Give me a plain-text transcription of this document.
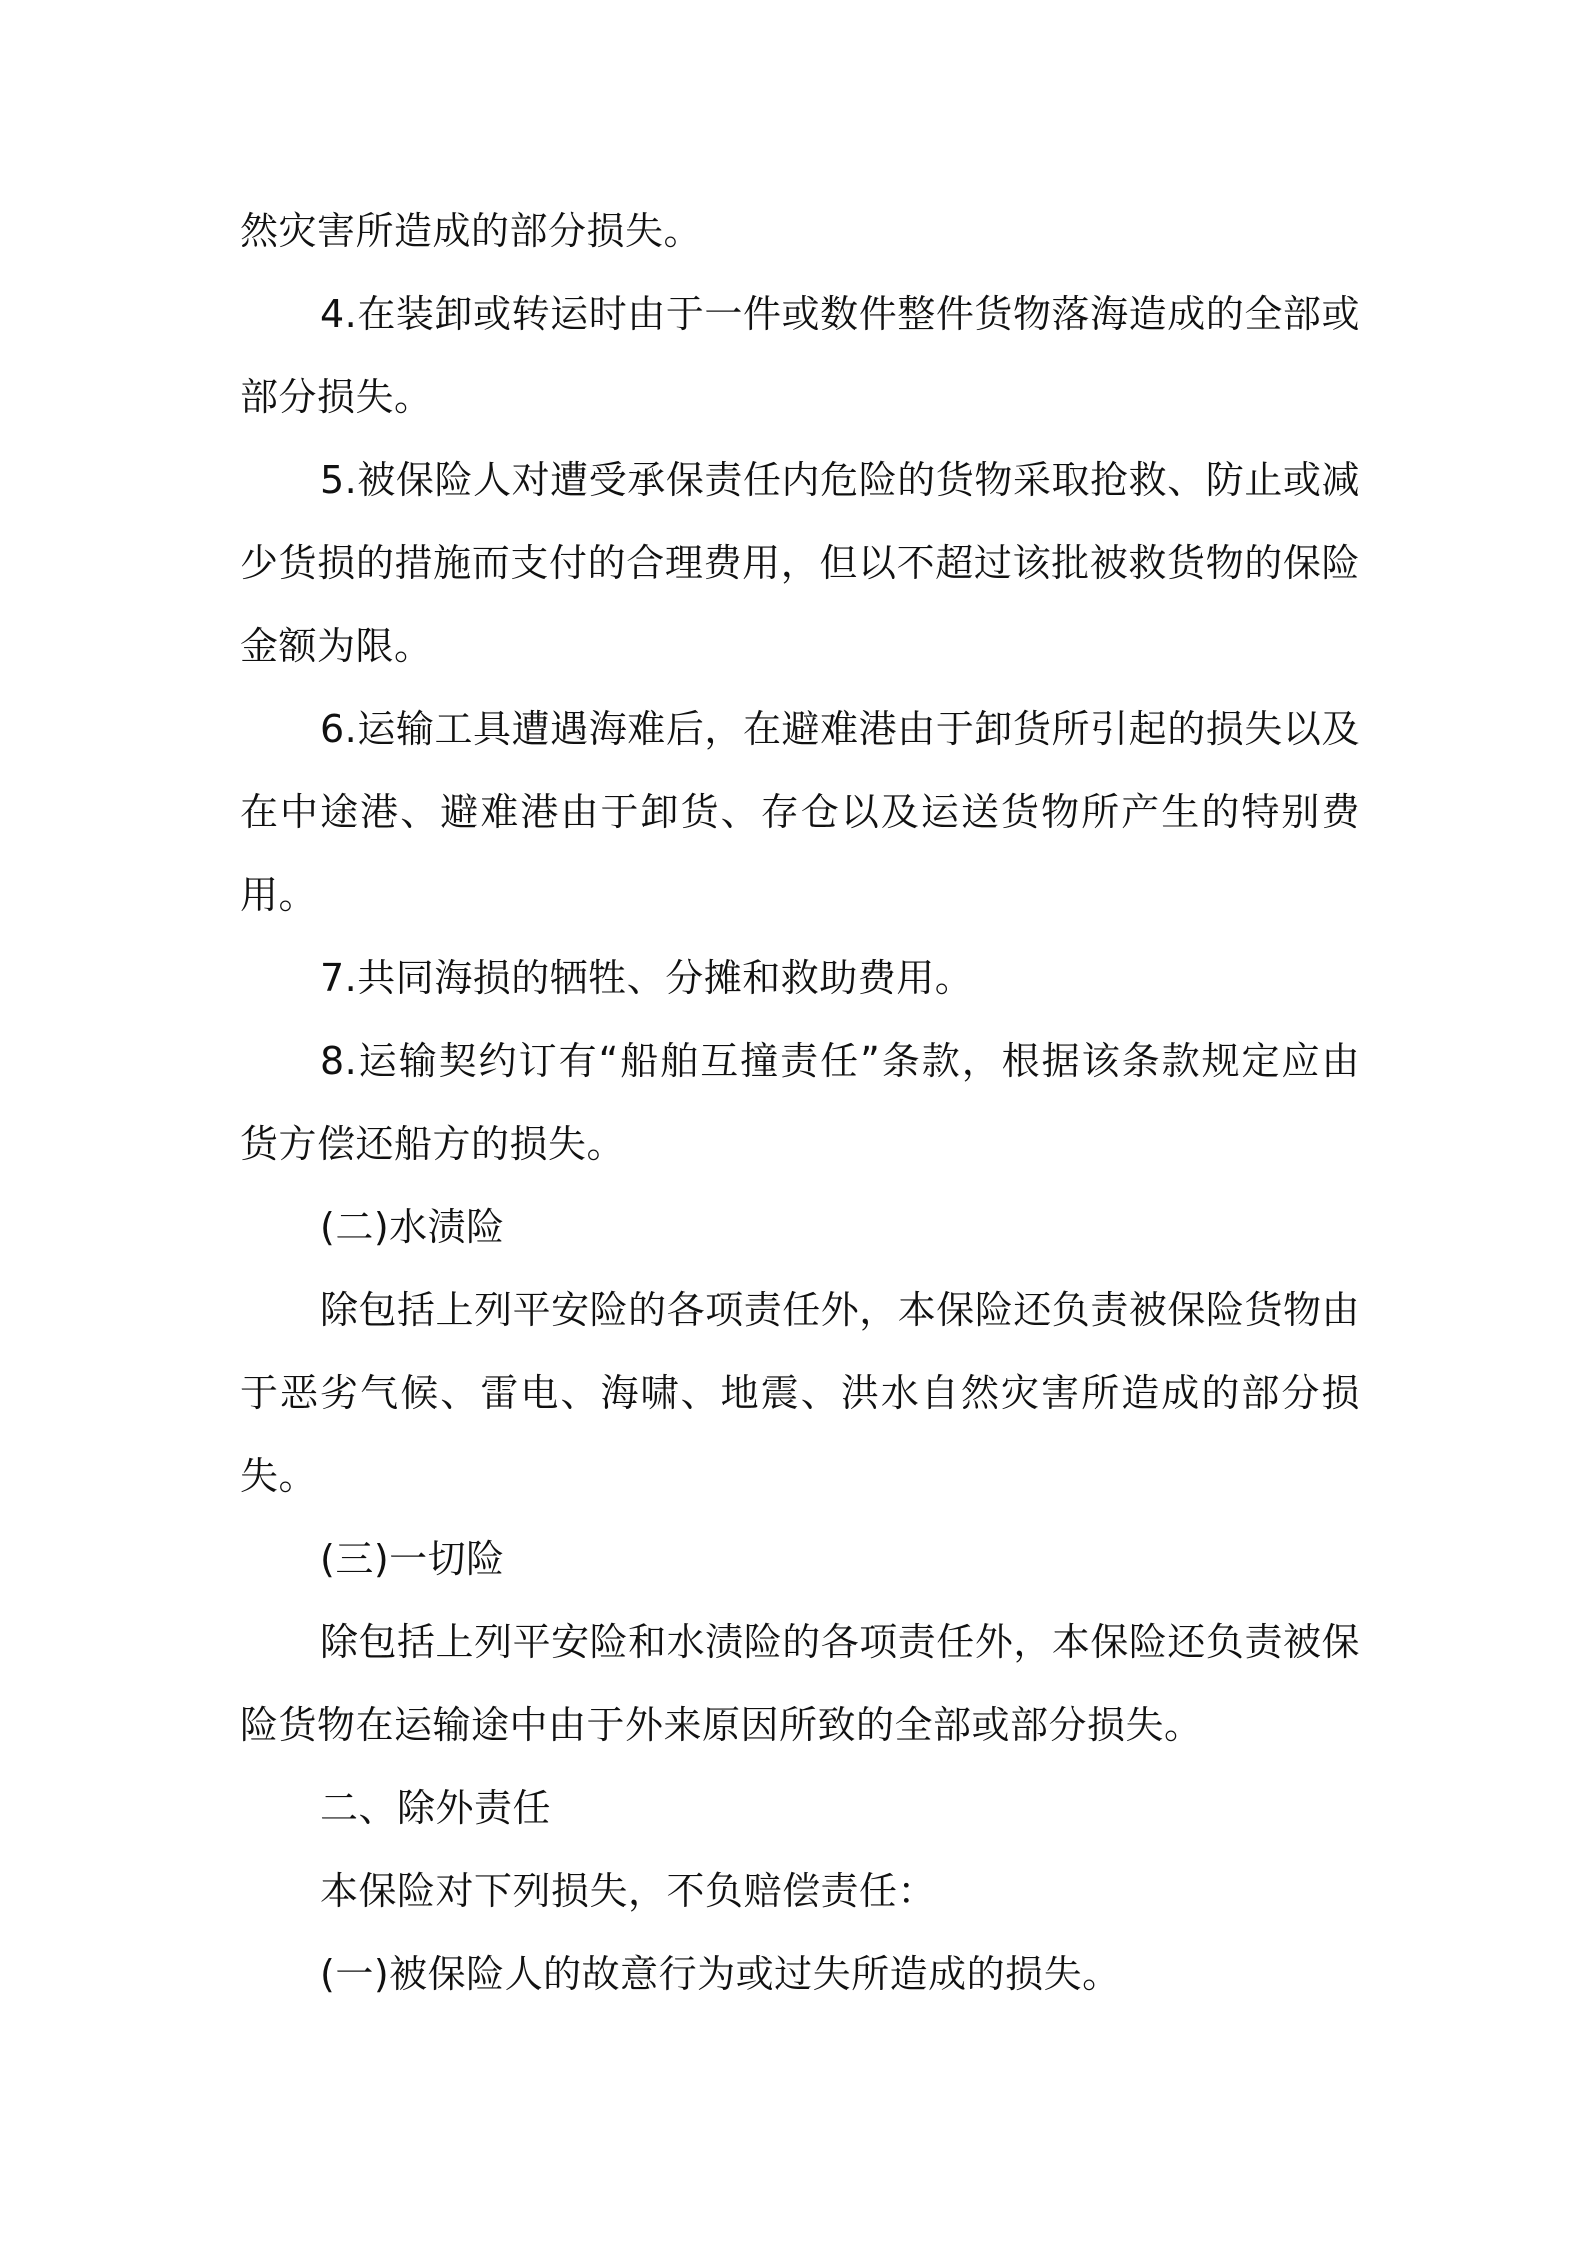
然灾害所造成的部分损失。

4.在装卸或转运时由于一件或数件整件货物落海造成的全部或部分损失。

5.被保险人对遭受承保责任内危险的货物采取抢救、防止或减少货损的措施而支付的合理费用，但以不超过该批被救货物的保险金额为限。

6.运输工具遭遇海难后，在避难港由于卸货所引起的损失以及在中途港、避难港由于卸货、存仓以及运送货物所产生的特别费用。

7.共同海损的牺牲、分摊和救助费用。

8.运输契约订有“船舶互撞责任”条款，根据该条款规定应由货方偿还船方的损失。

(二)水渍险

除包括上列平安险的各项责任外，本保险还负责被保险货物由于恶劣气候、雷电、海啸、地震、洪水自然灾害所造成的部分损失。

(三)一切险

除包括上列平安险和水渍险的各项责任外，本保险还负责被保险货物在运输途中由于外来原因所致的全部或部分损失。

二、除外责任

本保险对下列损失，不负赔偿责任：

(一)被保险人的故意行为或过失所造成的损失。
